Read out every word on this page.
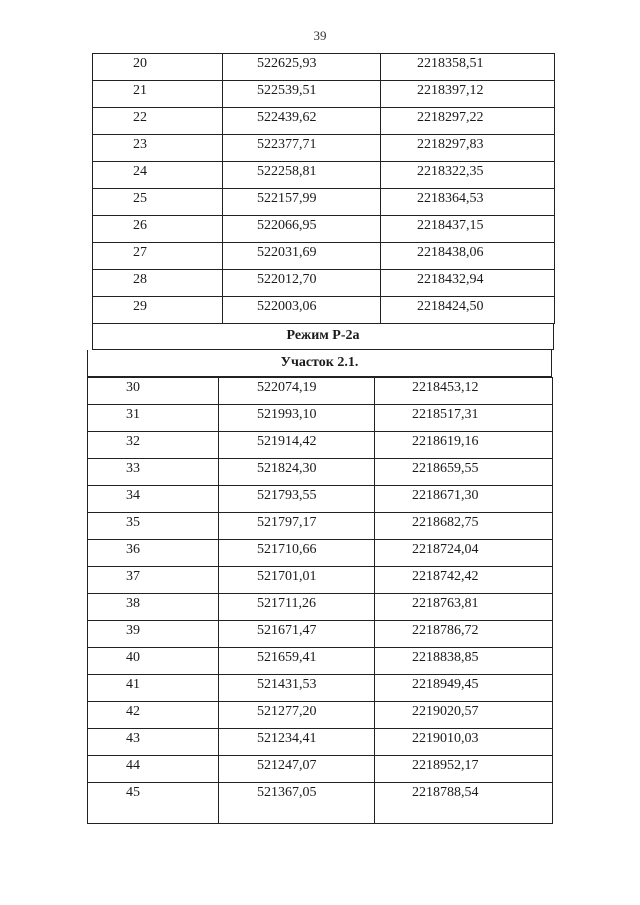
39
20	522625,93	2218358,51

21	522539,51	2218397,12

22	522439,62	2218297,22

23	522377,71	2218297,83

24	522258,81	2218322,35

25	522157,99	2218364,53

26	522066,95	2218437,15

27	522031,69	2218438,06

28	522012,70	2218432,94

29	522003,06	2218424,50
Режим Р-2а
Участок 2.1.
30	522074,19	2218453,12

31	521993,10	2218517,31

32	521914,42	2218619,16

33	521824,30	2218659,55

34	521793,55	2218671,30

35	521797,17	2218682,75

36	521710,66	2218724,04

37	521701,01	2218742,42

38	521711,26	2218763,81

39	521671,47	2218786,72

40	521659,41	2218838,85

41	521431,53	2218949,45

42	521277,20	2219020,57

43	521234,41	2219010,03

44	521247,07	2218952,17

45	521367,05	2218788,54
